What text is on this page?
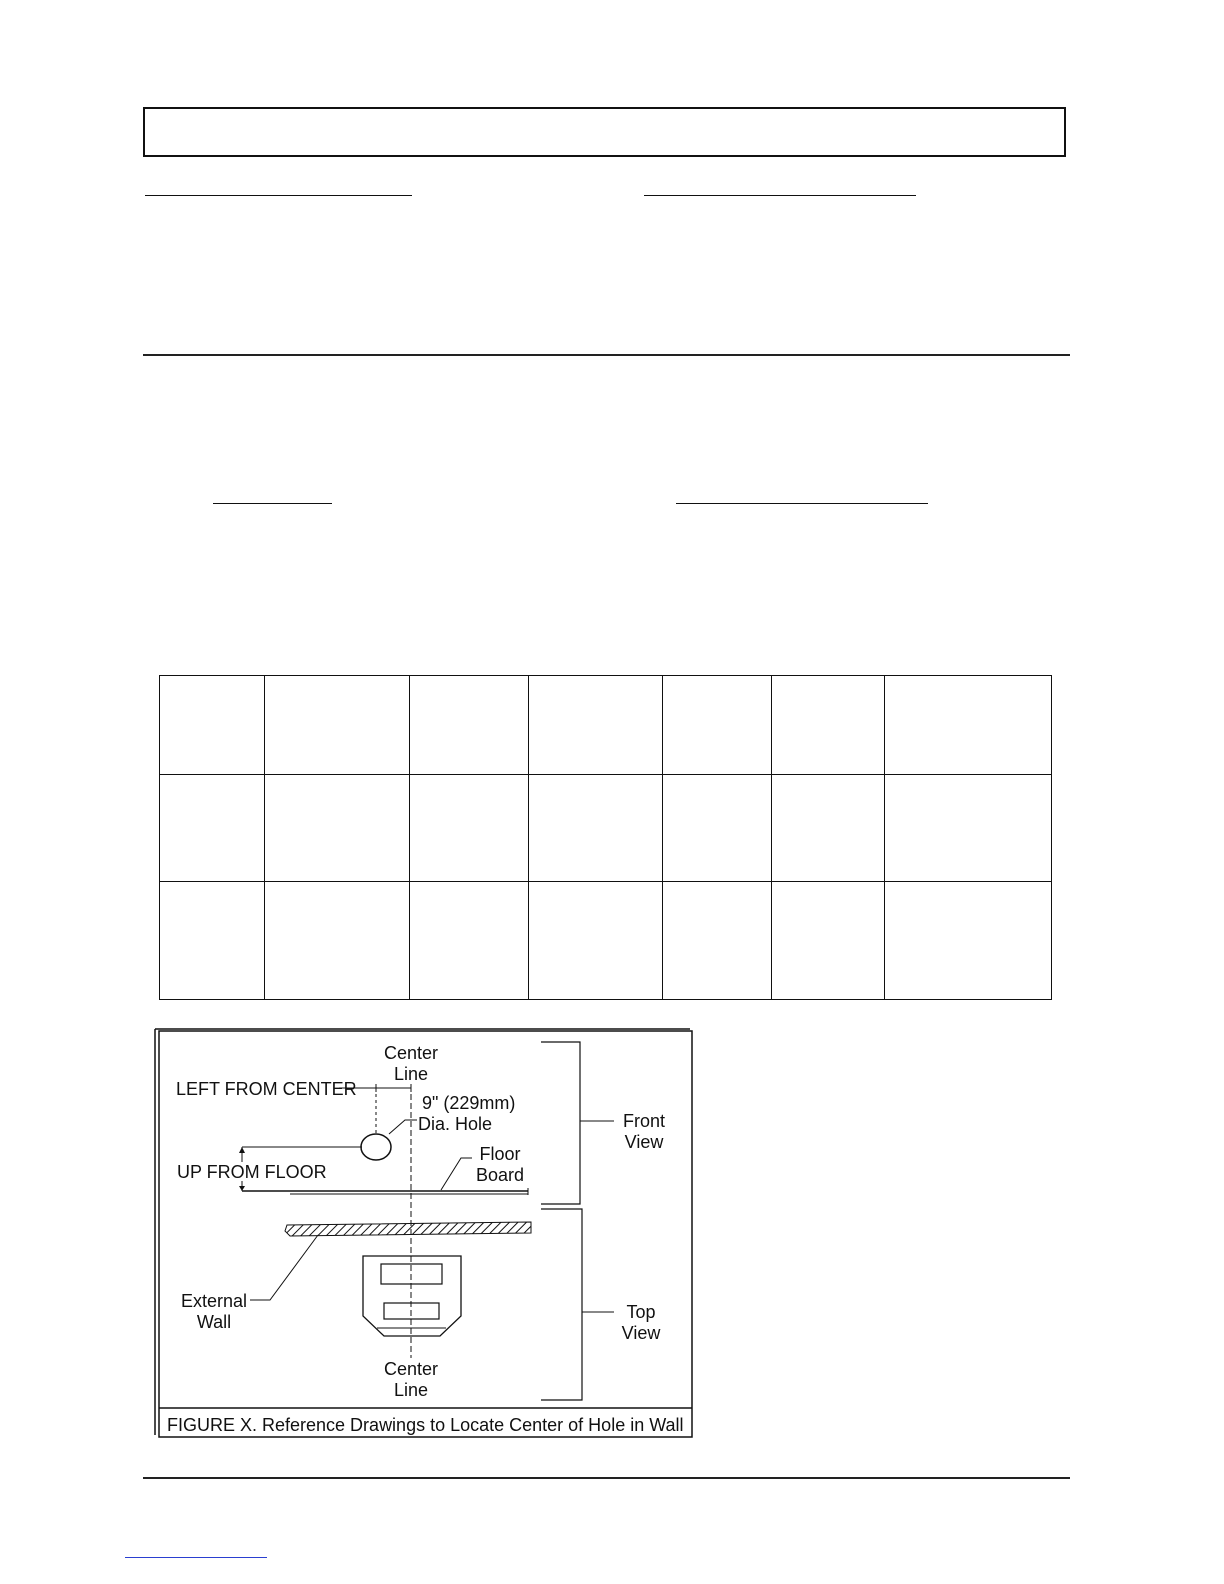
Center
Line
LEFT FROM CENTER
9" (229mm)
Dia. Hole
UP FROM FLOOR
Floor
Board
Front
View
External
Wall	Top
View
Center
Line
FIGURE X. Reference Drawings to Locate Center of Hole in Wall
